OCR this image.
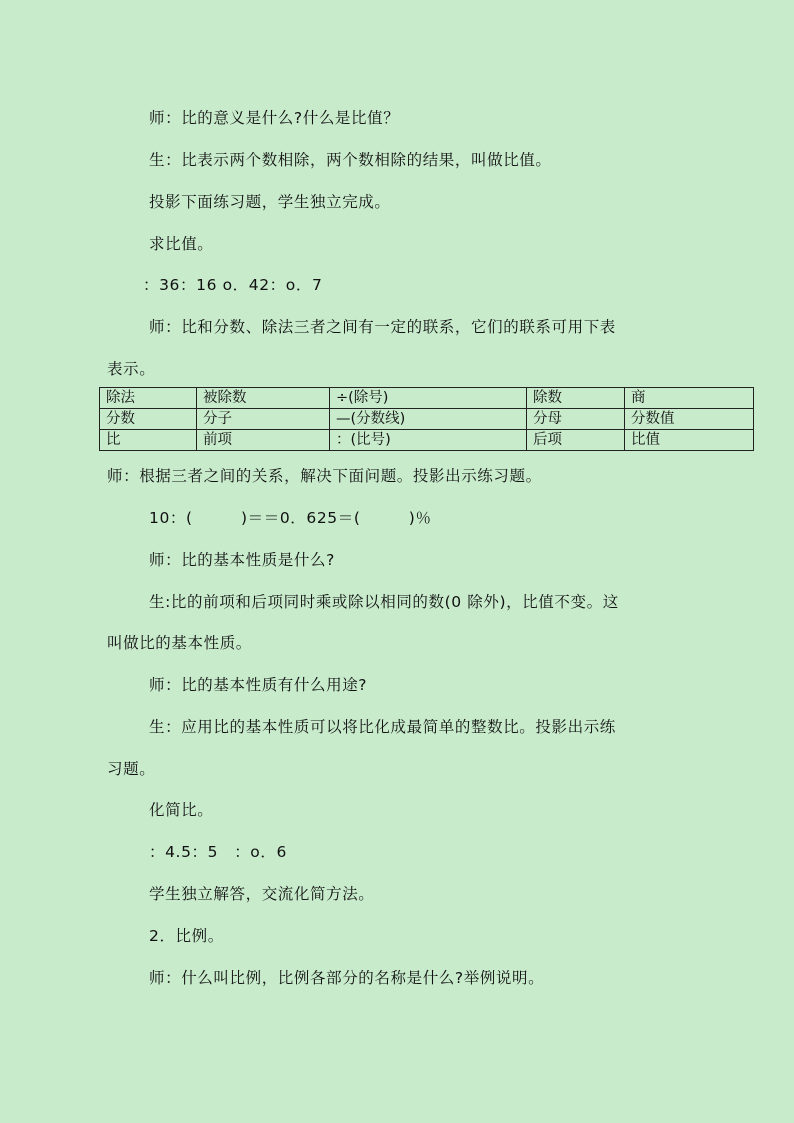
师：比的意义是什么?什么是比值？
生：比表示两个数相除，两个数相除的结果，叫做比值。
投影下面练习题，学生独立完成。
求比值。
：36：16 o．42：o．7
师：比和分数、除法三者之间有一定的联系，它们的联系可用下表
表示。
除法	被除数	÷(除号)	除数	商
分数	分子	—(分数线)	分母	分数值
比	前项	：(比号)	后项	比值
师：根据三者之间的关系，解决下面问题。投影出示练习题。
10：(　　　)＝＝0．625＝(　　　)％
师：比的基本性质是什么?
生:比的前项和后项同时乘或除以相同的数(0 除外)，比值不变。这
叫做比的基本性质。
师：比的基本性质有什么用途?
生：应用比的基本性质可以将比化成最简单的整数比。投影出示练
习题。
化简比。
：4.5：5　：o．6
学生独立解答，交流化简方法。
2．比例。
师：什么叫比例，比例各部分的名称是什么?举例说明。
